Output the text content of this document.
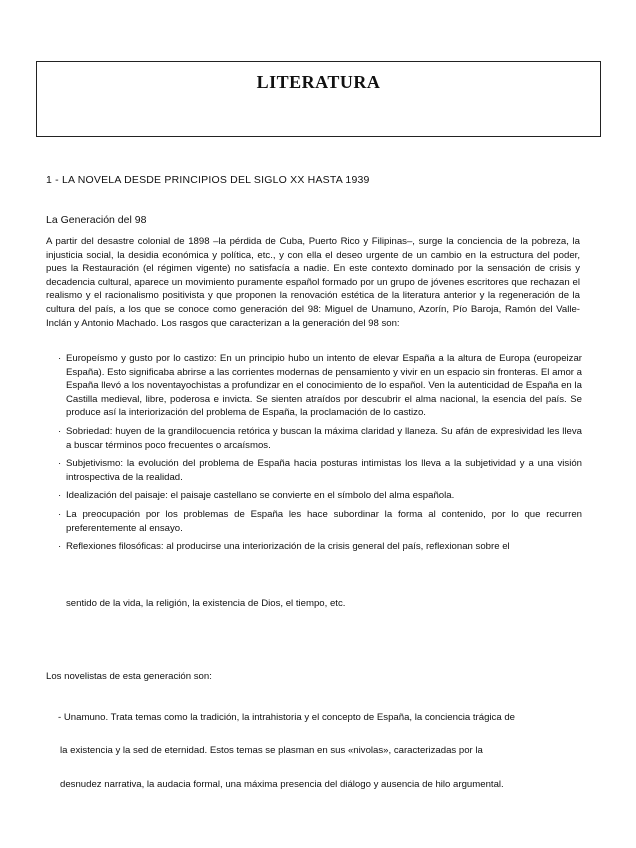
LITERATURA
1 - LA NOVELA DESDE PRINCIPIOS DEL SIGLO XX HASTA 1939
La Generación del 98

A partir del desastre colonial de 1898 –la pérdida de Cuba, Puerto Rico y Filipinas–, surge la conciencia de la pobreza, la injusticia social, la desidia económica y política, etc., y con ella el deseo urgente de un cambio en la estructura del poder, pues la Restauración (el régimen vigente) no satisfacía a nadie. En este contexto dominado por la sensación de crisis y decadencia cultural, aparece un movimiento puramente español formado por un grupo de jóvenes escritores que rechazan el realismo y el racionalismo positivista y que proponen la renovación estética de la literatura anterior y la regeneración de la cultura del país, a los que se conoce como generación del 98: Miguel de Unamuno, Azorín, Pío Baroja, Ramón del Valle-Inclán y Antonio Machado. Los rasgos que caracterizan a la generación del 98 son:

· Europeísmo y gusto por lo castizo: En un principio hubo un intento de elevar España a la altura de Europa (europeizar España). Esto significaba abrirse a las corrientes modernas de pensamiento y vivir en un espacio sin fronteras. El amor a España llevó a los noventayochistas a profundizar en el conocimiento de lo español. Ven la autenticidad de España en la Castilla medieval, libre, poderosa e invicta. Se sienten atraídos por descubrir el alma nacional, la esencia del país. Se produce así la interiorización del problema de España, la proclamación de lo castizo.
· Sobriedad: huyen de la grandilocuencia retórica y buscan la máxima claridad y llaneza. Su afán de expresividad les lleva a buscar términos poco frecuentes o arcaísmos.
· Subjetivismo: la evolución del problema de España hacia posturas intimistas los lleva a la subjetividad y a una visión introspectiva de la realidad.
· Idealización del paisaje: el paisaje castellano se convierte en el símbolo del alma española.
· La preocupación por los problemas de España les hace subordinar la forma al contenido, por lo que recurren preferentemente al ensayo.
· Reflexiones filosóficas: al producirse una interiorización de la crisis general del país, reflexionan sobre el
sentido de la vida, la religión, la existencia de Dios, el tiempo, etc.
Los novelistas de esta generación son:
- Unamuno. Trata temas como la tradición, la intrahistoria y el concepto de España, la conciencia trágica de
la existencia y la sed de eternidad. Estos temas se plasman en sus «nivolas», caracterizadas por la
desnudez narrativa, la audacia formal, una máxima presencia del diálogo y ausencia de hilo argumental.
